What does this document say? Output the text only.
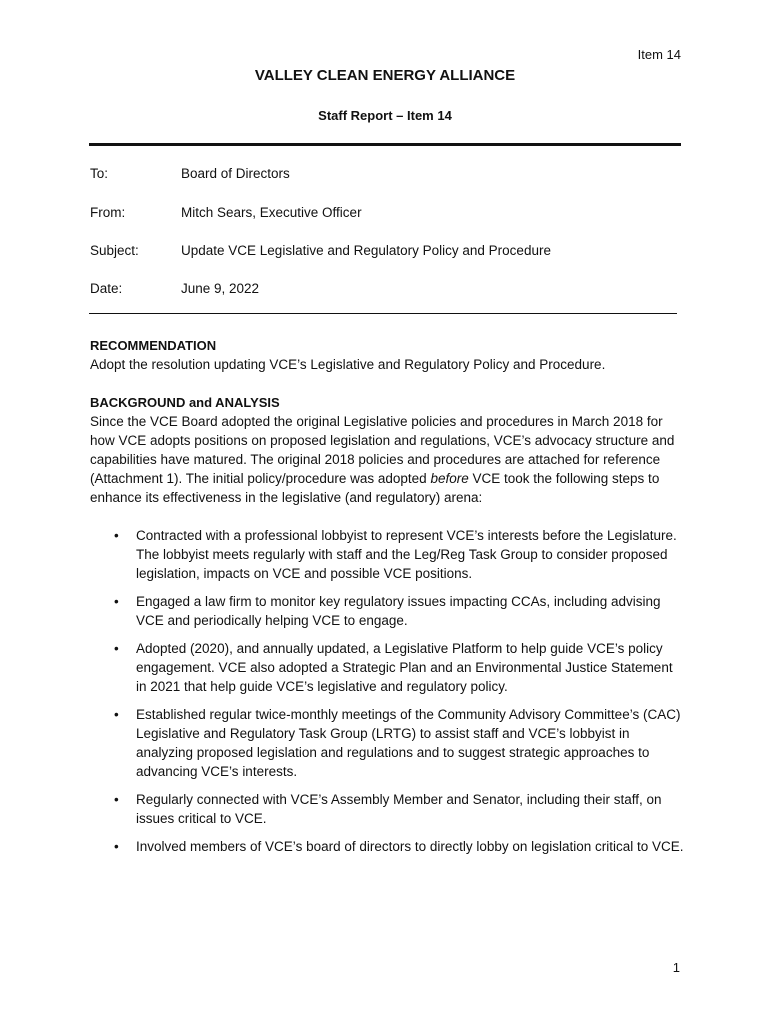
Item 14
VALLEY CLEAN ENERGY ALLIANCE
Staff Report – Item 14
To:	Board of Directors
From:	Mitch Sears, Executive Officer
Subject:	Update VCE Legislative and Regulatory Policy and Procedure
Date:	June 9, 2022
RECOMMENDATION

Adopt the resolution updating VCE’s Legislative and Regulatory Policy and Procedure.

BACKGROUND and ANALYSIS

Since the VCE Board adopted the original Legislative policies and procedures in March 2018 for how VCE adopts positions on proposed legislation and regulations, VCE’s advocacy structure and capabilities have matured. The original 2018 policies and procedures are attached for reference (Attachment 1). The initial policy/procedure was adopted before VCE took the following steps to enhance its effectiveness in the legislative (and regulatory) arena:

• Contracted with a professional lobbyist to represent VCE’s interests before the Legislature. The lobbyist meets regularly with staff and the Leg/Reg Task Group to consider proposed legislation, impacts on VCE and possible VCE positions.
• Engaged a law firm to monitor key regulatory issues impacting CCAs, including advising VCE and periodically helping VCE to engage.
• Adopted (2020), and annually updated, a Legislative Platform to help guide VCE’s policy engagement. VCE also adopted a Strategic Plan and an Environmental Justice Statement in 2021 that help guide VCE’s legislative and regulatory policy.
• Established regular twice-monthly meetings of the Community Advisory Committee’s (CAC) Legislative and Regulatory Task Group (LRTG) to assist staff and VCE’s lobbyist in analyzing proposed legislation and regulations and to suggest strategic approaches to advancing VCE’s interests.
• Regularly connected with VCE’s Assembly Member and Senator, including their staff, on issues critical to VCE.
• Involved members of VCE’s board of directors to directly lobby on legislation critical to VCE.
1
